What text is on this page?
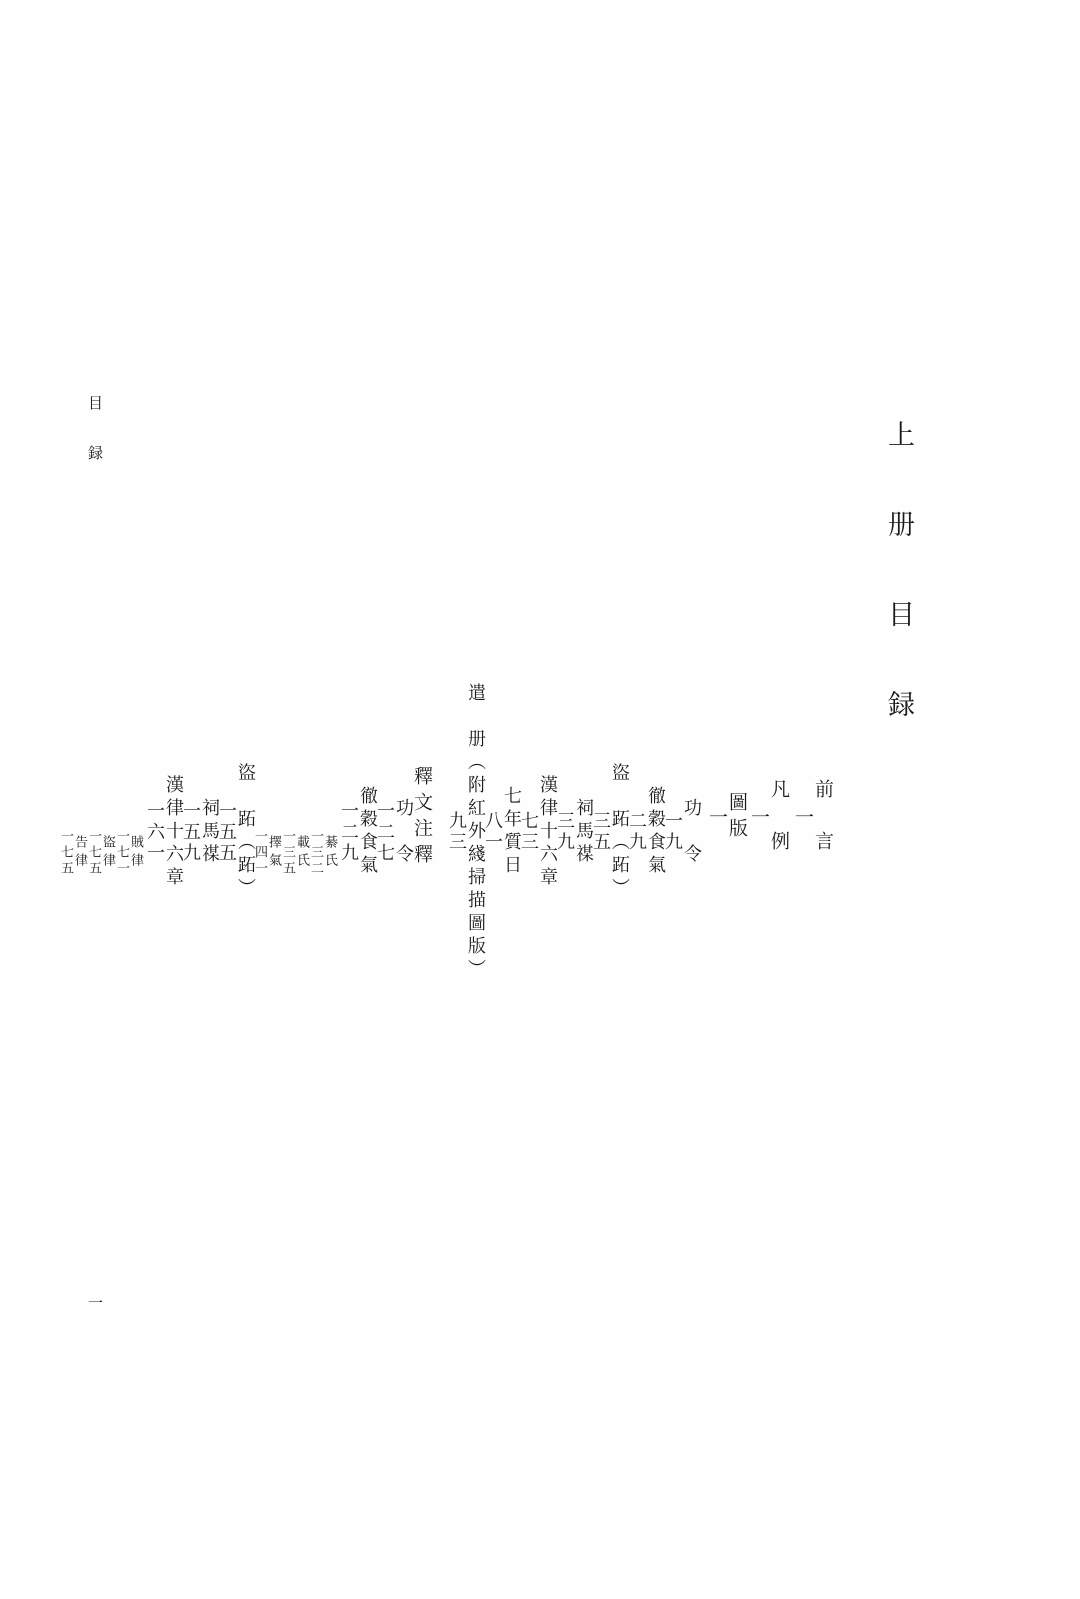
上 册 目 録
前　言
一
凡　例
一
圖版
一
功　令
一九
徹穀食氣
二九
盜　跖（跖）
三五
祠馬禖
三九
漢律十六章
七三
七年質日
八一
遣　册（附紅外綫掃描圖版）
九三
釋文注釋
功　令
一二七
徹穀食氣
一二九
綦氏
一三二
載氏
一三五
擇氣
一四一
盜　跖（跖）
一五五
祠馬禖
一五九
漢律十六章
一六一
賊律
一七一
盜律
一七五
告律
一七五
目　録
一
